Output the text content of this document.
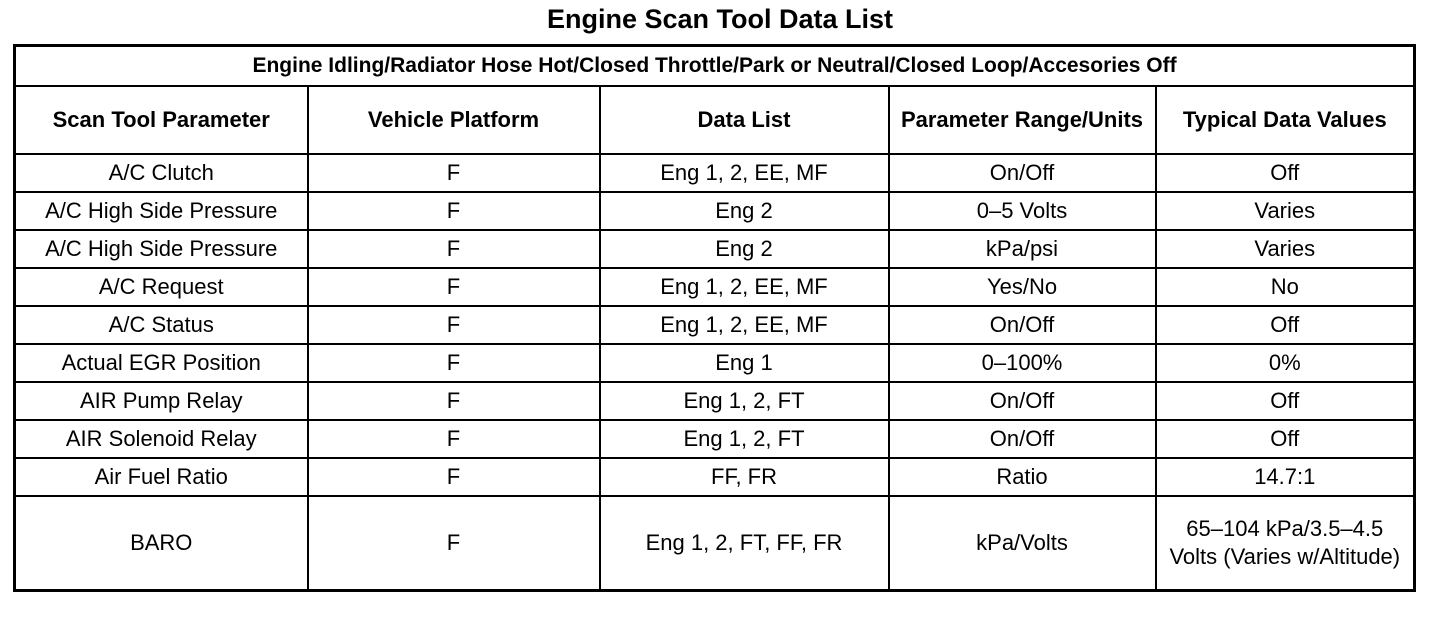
Engine Scan Tool Data List
Engine Idling/Radiator Hose Hot/Closed Throttle/Park or Neutral/Closed Loop/Accesories Off				
Scan Tool Parameter	Vehicle Platform	Data List	Parameter Range/Units	Typical Data Values
A/C Clutch	F	Eng 1, 2, EE, MF	On/Off	Off
A/C High Side Pressure	F	Eng 2	0–5 Volts	Varies
A/C High Side Pressure	F	Eng 2	kPa/psi	Varies
A/C Request	F	Eng 1, 2, EE, MF	Yes/No	No
A/C Status	F	Eng 1, 2, EE, MF	On/Off	Off
Actual EGR Position	F	Eng 1	0–100%	0%
AIR Pump Relay	F	Eng 1, 2, FT	On/Off	Off
AIR Solenoid Relay	F	Eng 1, 2, FT	On/Off	Off
Air Fuel Ratio	F	FF, FR	Ratio	14.7:1
BARO	F	Eng 1, 2, FT, FF, FR	kPa/Volts	65–104 kPa/3.5–4.5 Volts (Varies w/Altitude)
